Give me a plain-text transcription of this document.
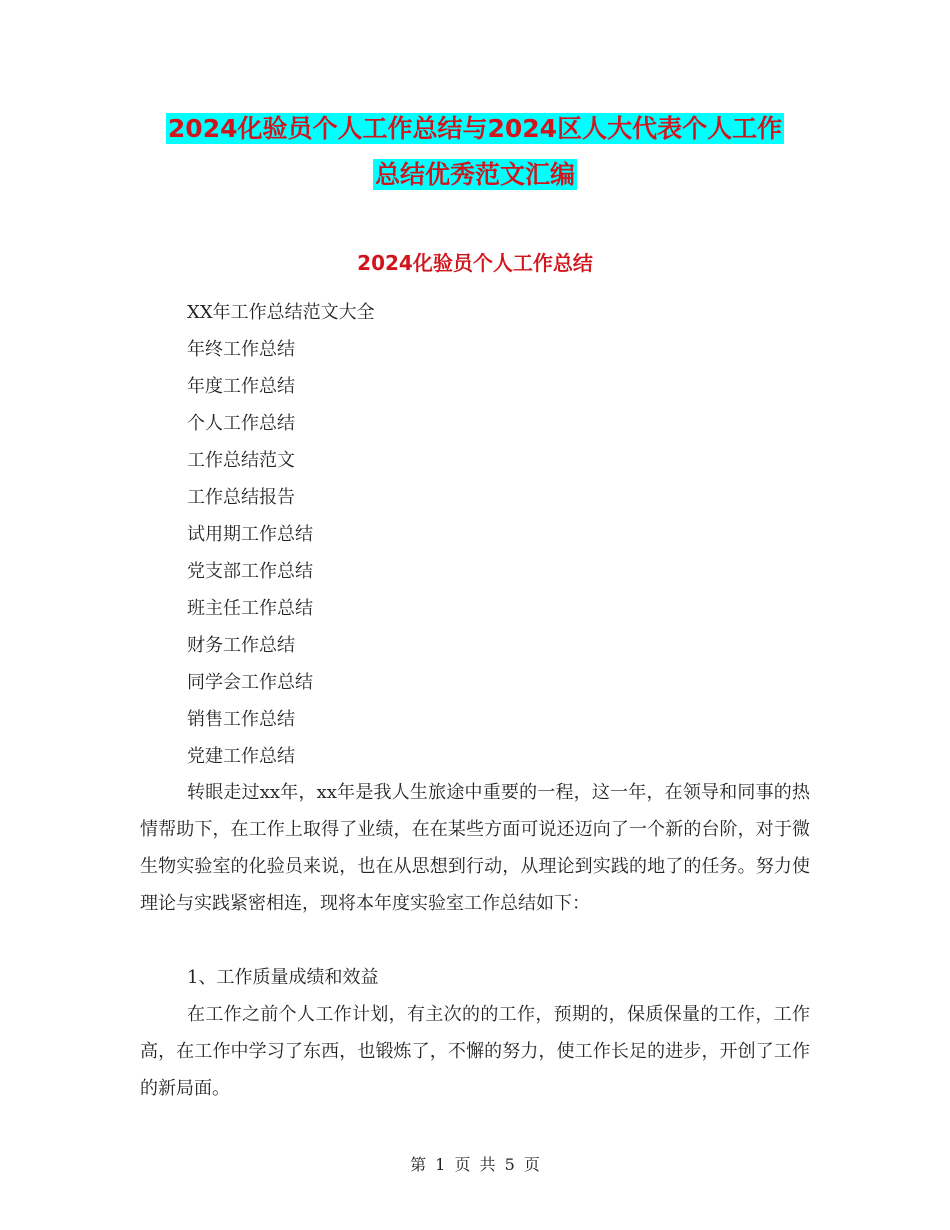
2024化验员个人工作总结与2024区人大代表个人工作
总结优秀范文汇编
2024化验员个人工作总结
XX年工作总结范文大全
年终工作总结
年度工作总结
个人工作总结
工作总结范文
工作总结报告
试用期工作总结
党支部工作总结
班主任工作总结
财务工作总结
同学会工作总结
销售工作总结
党建工作总结

转眼走过xx年，xx年是我人生旅途中重要的一程，这一年，在领导和同事的热情帮助下，在工作上取得了业绩，在在某些方面可说还迈向了一个新的台阶，对于微生物实验室的化验员来说，也在从思想到行动，从理论到实践的地了的任务。努力使理论与实践紧密相连，现将本年度实验室工作总结如下：

1、工作质量成绩和效益

在工作之前个人工作计划，有主次的的工作，预期的，保质保量的工作，工作高，在工作中学习了东西，也锻炼了，不懈的努力，使工作长足的进步，开创了工作的新局面。

第 1 页 共 5 页
